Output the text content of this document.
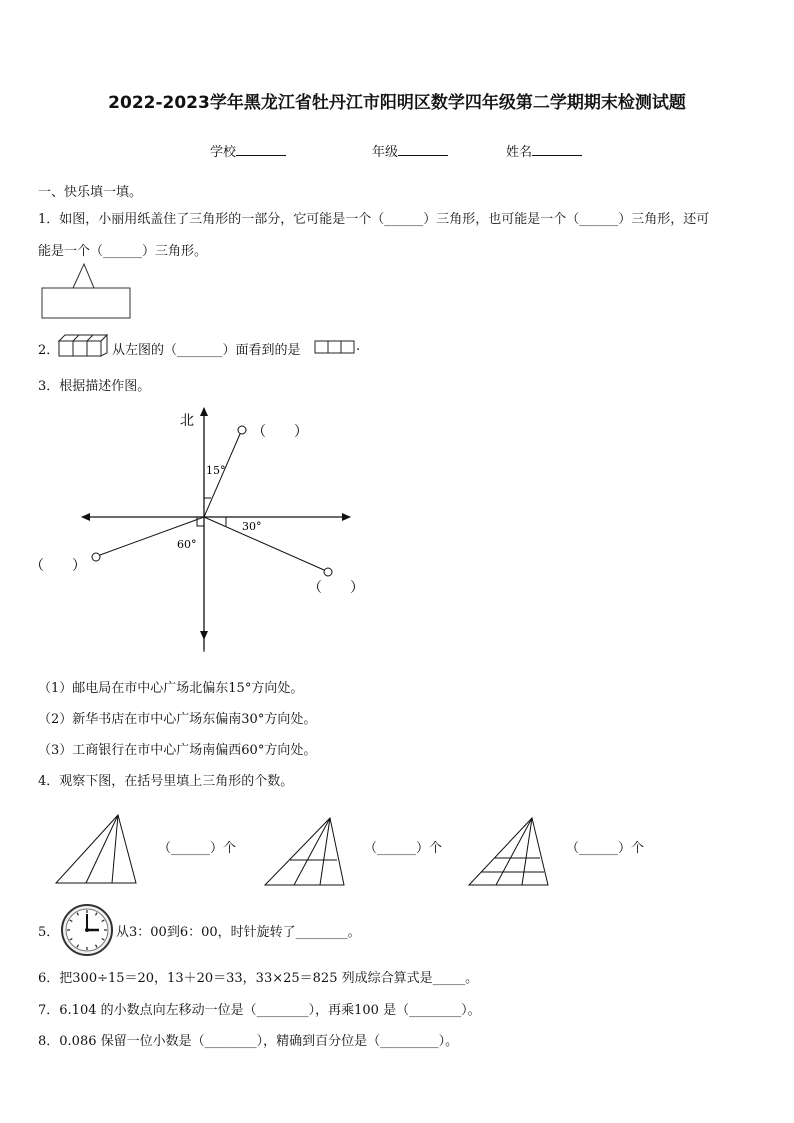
2022-2023学年黑龙江省牡丹江市阳明区数学四年级第二学期期末检测试题
学校	年级	姓名
一、快乐填一填。
1．如图，小丽用纸盖住了三角形的一部分，它可能是一个（______）三角形，也可能是一个（______）三角形，还可
能是一个（______）三角形。
2．	从左图的（_______）面看到的是	.
3．根据描述作图。
北
15°
（　　）
30°
（　　）
60°
（　　）
（1）邮电局在市中心广场北偏东15°方向处。
（2）新华书店在市中心广场东偏南30°方向处。
（3）工商银行在市中心广场南偏西60°方向处。
4．观察下图，在括号里填上三角形的个数。
（______）个	（______）个	（______）个
5．	从3：00到6：00，时针旋转了________。
6．把300÷15＝20，13＋20＝33，33×25＝825 列成综合算式是_____。
7．6.104 的小数点向左移动一位是（________），再乘100 是（________）。
8．0.086 保留一位小数是（________），精确到百分位是（_________）。
